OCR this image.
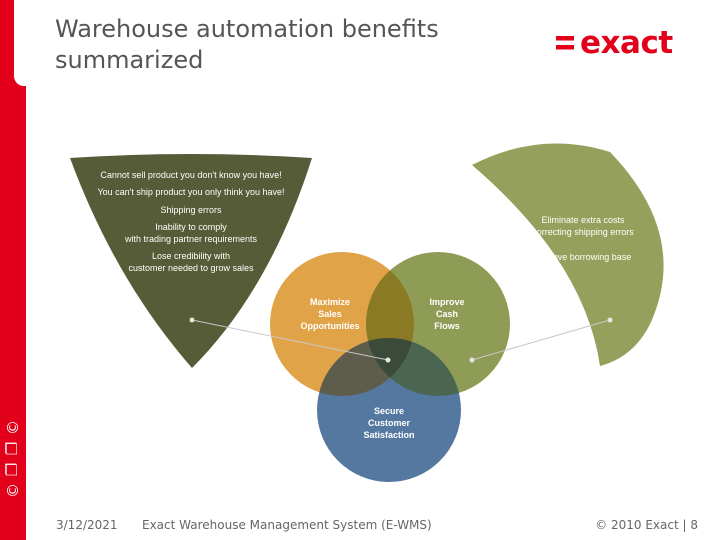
©
❐
❐
©
Warehouse automation benefits summarized	exact
Cannot sell product you don't know you have!
You can't ship product you only think you have!
Shipping errors
Inability to comply
with trading partner requirements
Lose credibility with
customer needed to grow sales
Eliminate extra costs
correcting shipping errors
Improve borrowing base
Maximize
Sales
Opportunities
Improve
Cash
Flows
Secure
Customer
Satisfaction
3/12/2021 Exact Warehouse Management System (E-WMS)	© 2010 Exact | 8
